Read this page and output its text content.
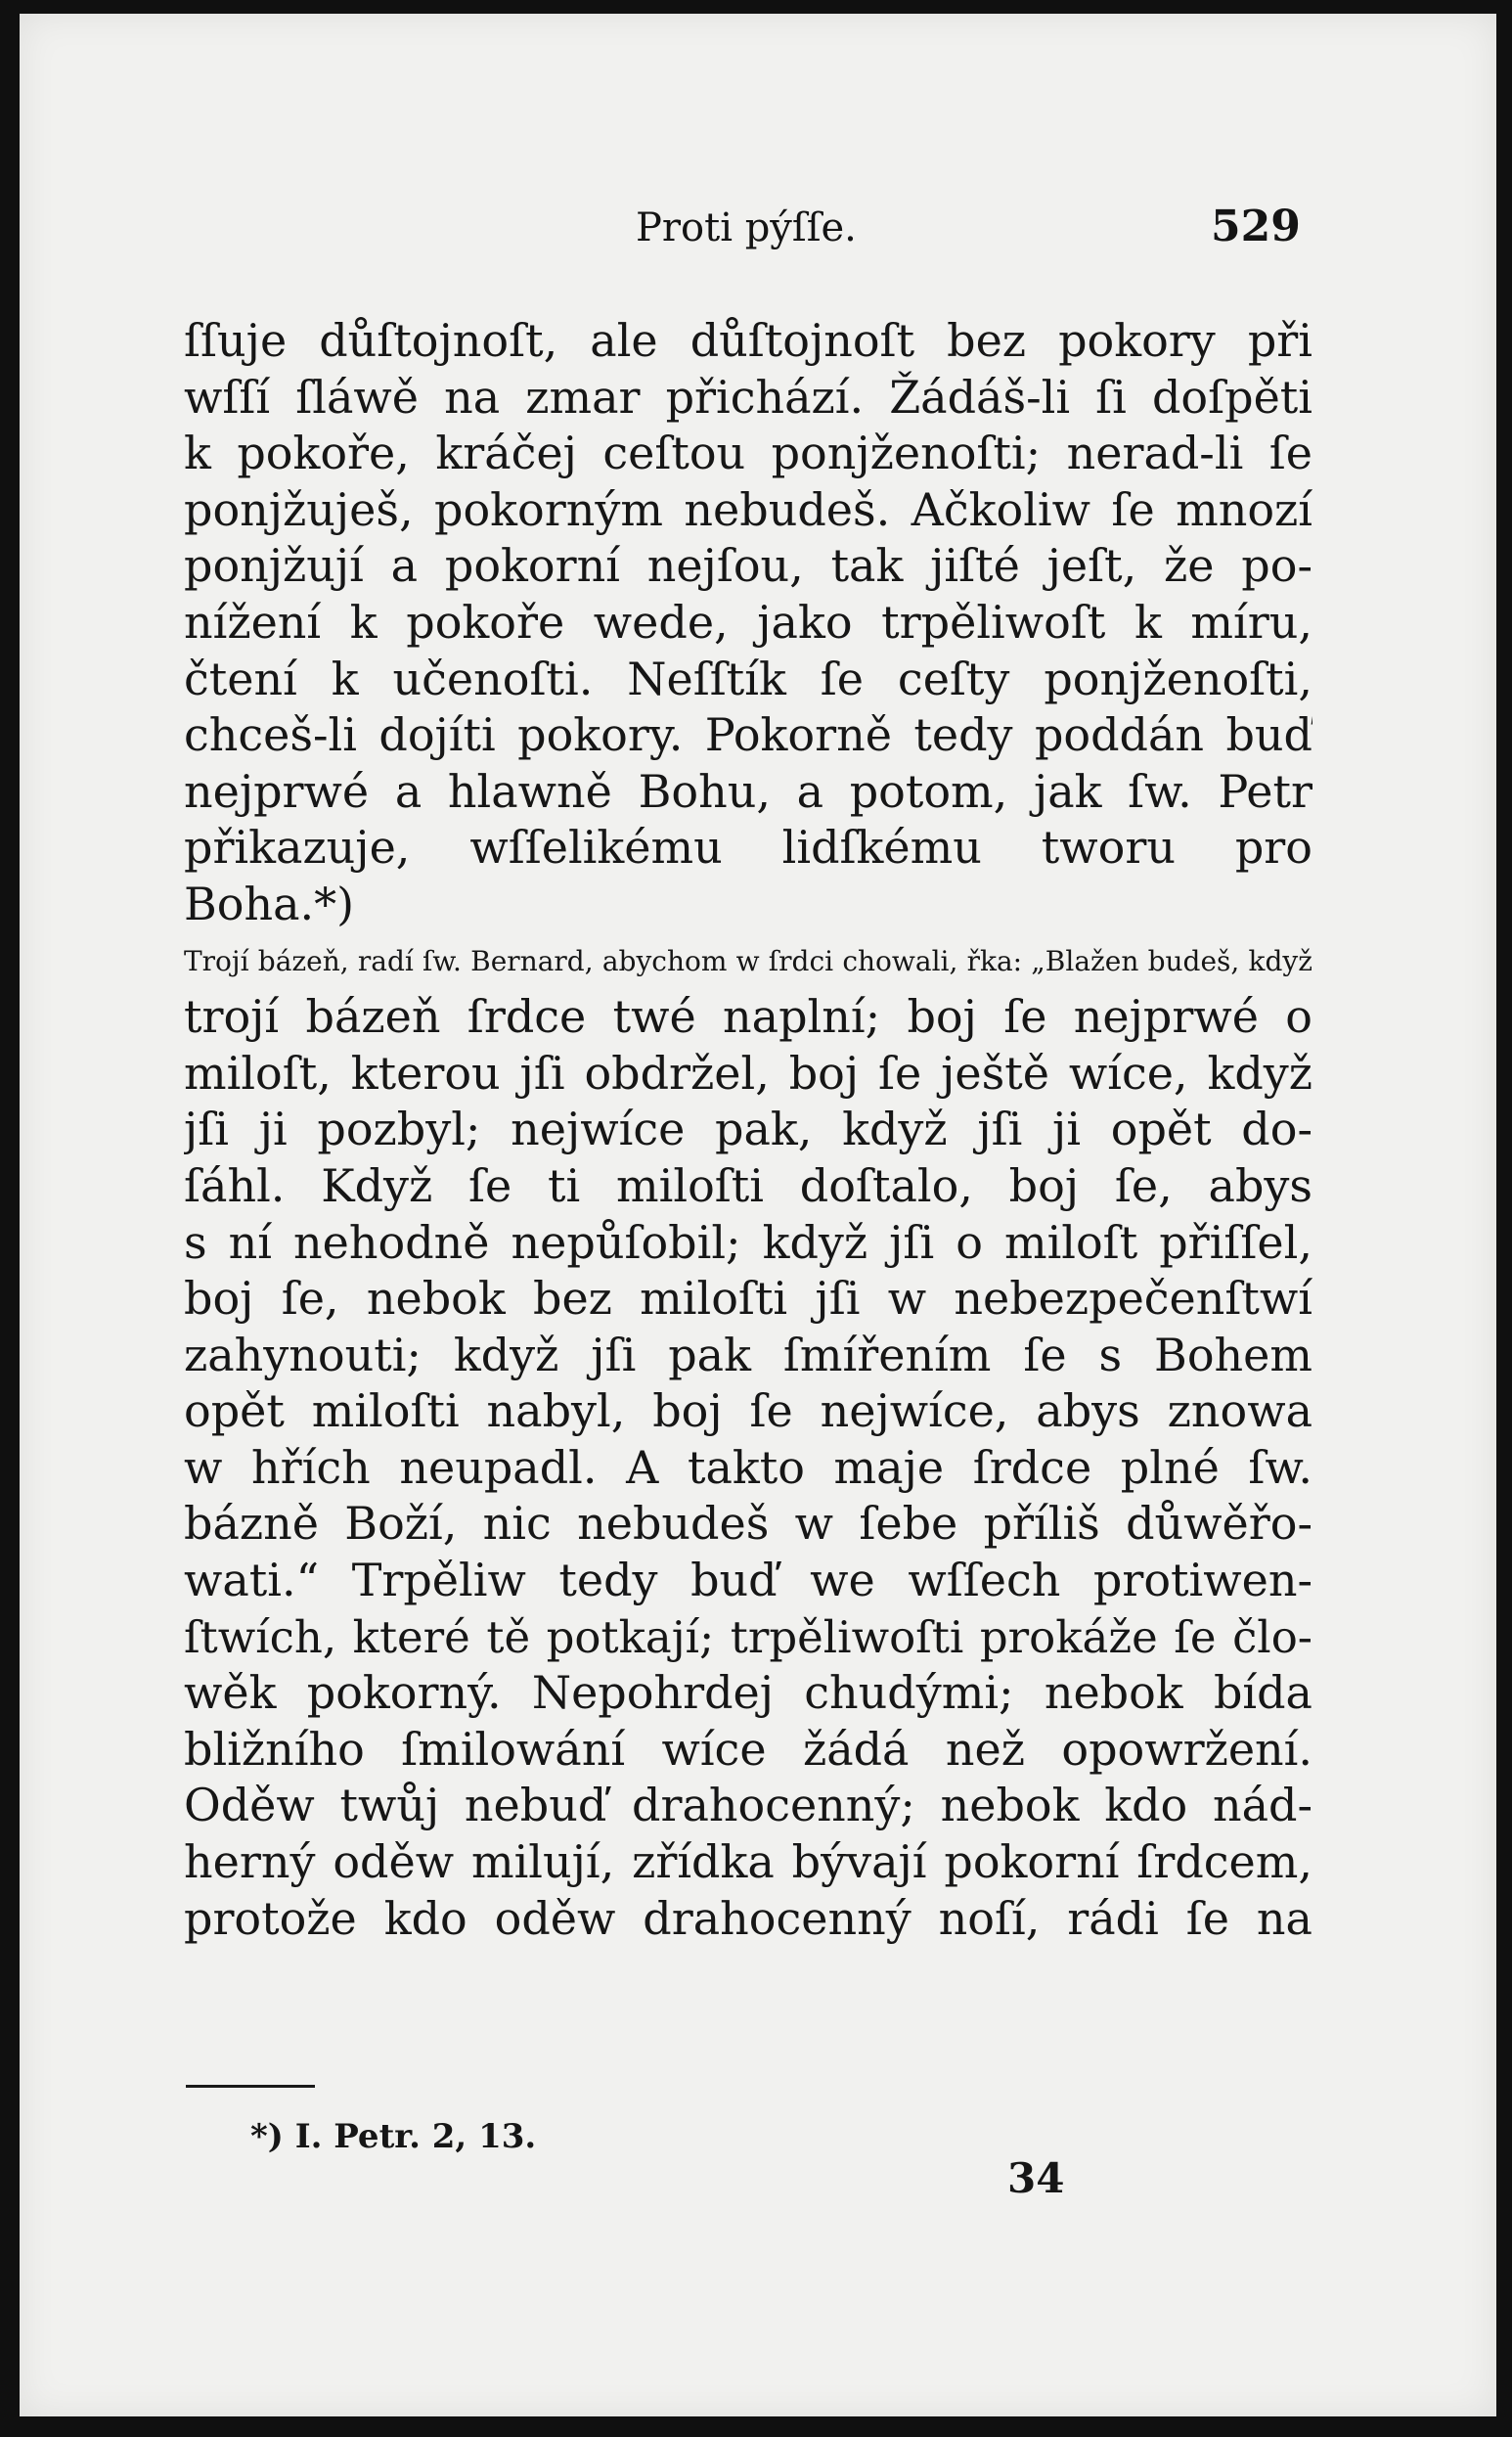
Proti pýſſe.	529
ſſuje důſtojnoſt, ale důſtojnoſt bez pokory při
wſſí ſláwě na zmar přichází. Žádáš-li ſi doſpěti
k pokoře, kráčej ceſtou ponjženoſti; nerad-li ſe
ponjžuješ, pokorným nebudeš. Ačkoliw ſe mnozí
ponjžují a pokorní nejſou, tak jiſté jeſt, že po-
nížení k pokoře wede, jako trpěliwoſt k míru,
čtení k učenoſti. Neſſtík ſe ceſty ponjženoſti,
chceš-li dojíti pokory. Pokorně tedy poddán buď
nejprwé a hlawně Bohu, a potom, jak ſw. Petr
přikazuje, wſſelikému lidſkému tworu pro
Boha.*)
Trojí bázeň, radí ſw. Bernard, abychom w ſrdci chowali, řka: „Blažen budeš, když
trojí bázeň ſrdce twé naplní; boj ſe nejprwé o
miloſt, kterou jſi obdržel, boj ſe ještě wíce, když
jſi ji pozbyl; nejwíce pak, když jſi ji opět do-
ſáhl. Když ſe ti miloſti doſtalo, boj ſe, abys
s ní nehodně nepůſobil; když jſi o miloſt přiſſel,
boj ſe, nebok bez miloſti jſi w nebezpečenſtwí
zahynouti; když jſi pak ſmířením ſe s Bohem
opět miloſti nabyl, boj ſe nejwíce, abys znowa
w hřích neupadl. A takto maje ſrdce plné ſw.
bázně Boží, nic nebudeš w ſebe příliš důwěřo-
wati.“ Trpěliw tedy buď we wſſech protiwen-
ſtwích, které tě potkají; trpěliwoſti prokáže ſe člo-
wěk pokorný. Nepohrdej chudými; nebok bída
bližního ſmilowání wíce žádá než opowržení.
Oděw twůj nebuď drahocenný; nebok kdo nád-
herný oděw milují, zřídka bývají pokorní ſrdcem,
protože kdo oděw drahocenný noſí, rádi ſe na
*) I. Petr. 2, 13.
34
